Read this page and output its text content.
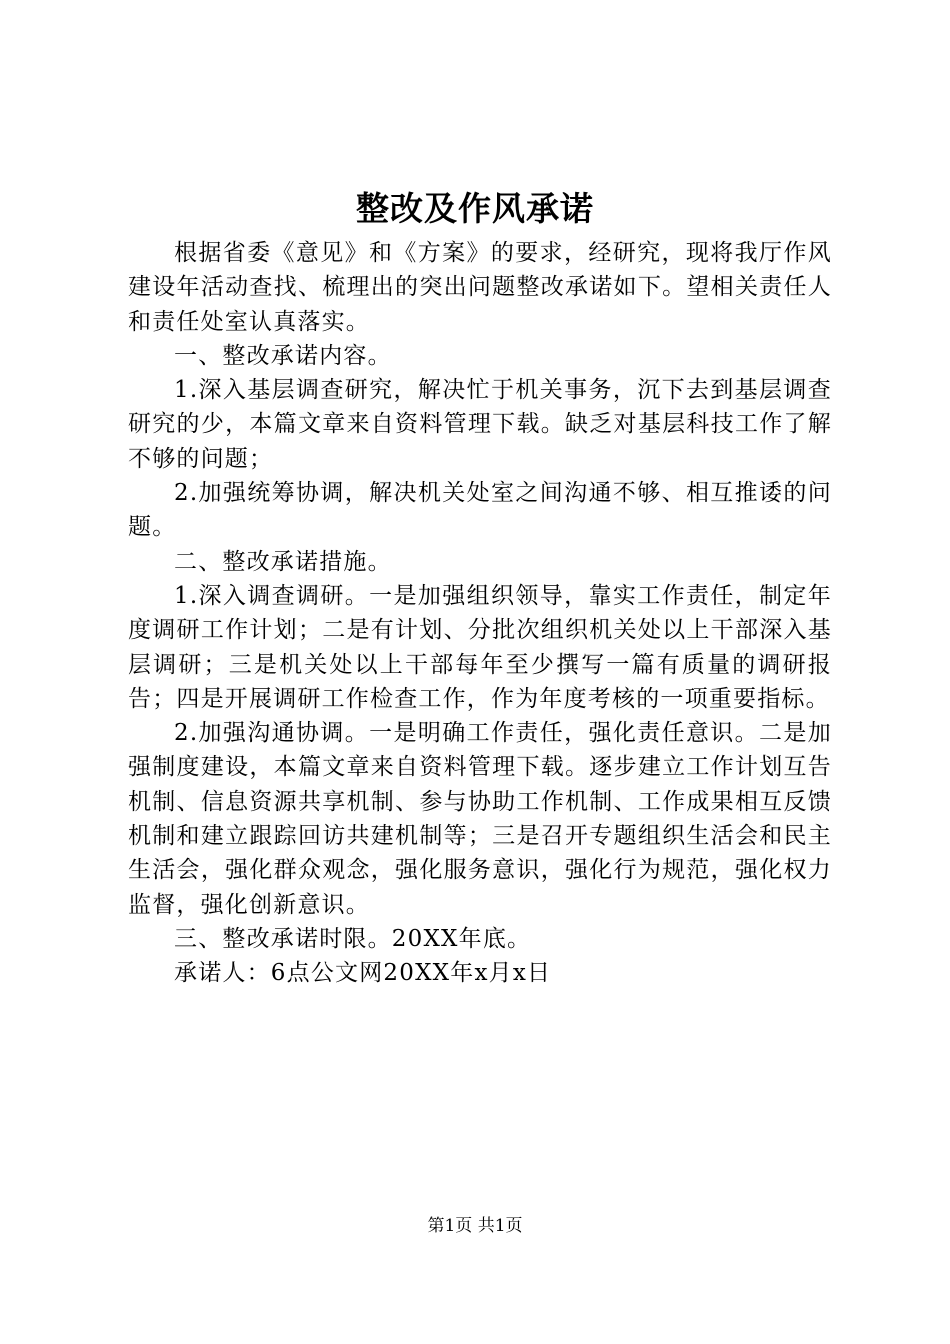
整改及作风承诺

根据省委《意见》和《方案》的要求，经研究，现将我厅作风建设年活动查找、梳理出的突出问题整改承诺如下。望相关责任人和责任处室认真落实。

一、整改承诺内容。

1.深入基层调查研究，解决忙于机关事务，沉下去到基层调查研究的少，本篇文章来自资料管理下载。缺乏对基层科技工作了解不够的问题；

2.加强统筹协调，解决机关处室之间沟通不够、相互推诿的问题。

二、整改承诺措施。

1.深入调查调研。一是加强组织领导，靠实工作责任，制定年度调研工作计划；二是有计划、分批次组织机关处以上干部深入基层调研；三是机关处以上干部每年至少撰写一篇有质量的调研报告；四是开展调研工作检查工作，作为年度考核的一项重要指标。

2.加强沟通协调。一是明确工作责任，强化责任意识。二是加强制度建设，本篇文章来自资料管理下载。逐步建立工作计划互告机制、信息资源共享机制、参与协助工作机制、工作成果相互反馈机制和建立跟踪回访共建机制等；三是召开专题组织生活会和民主生活会，强化群众观念，强化服务意识，强化行为规范，强化权力监督，强化创新意识。

三、整改承诺时限。20XX年底。

承诺人：6点公文网20XX年x月x日

第1页 共1页
